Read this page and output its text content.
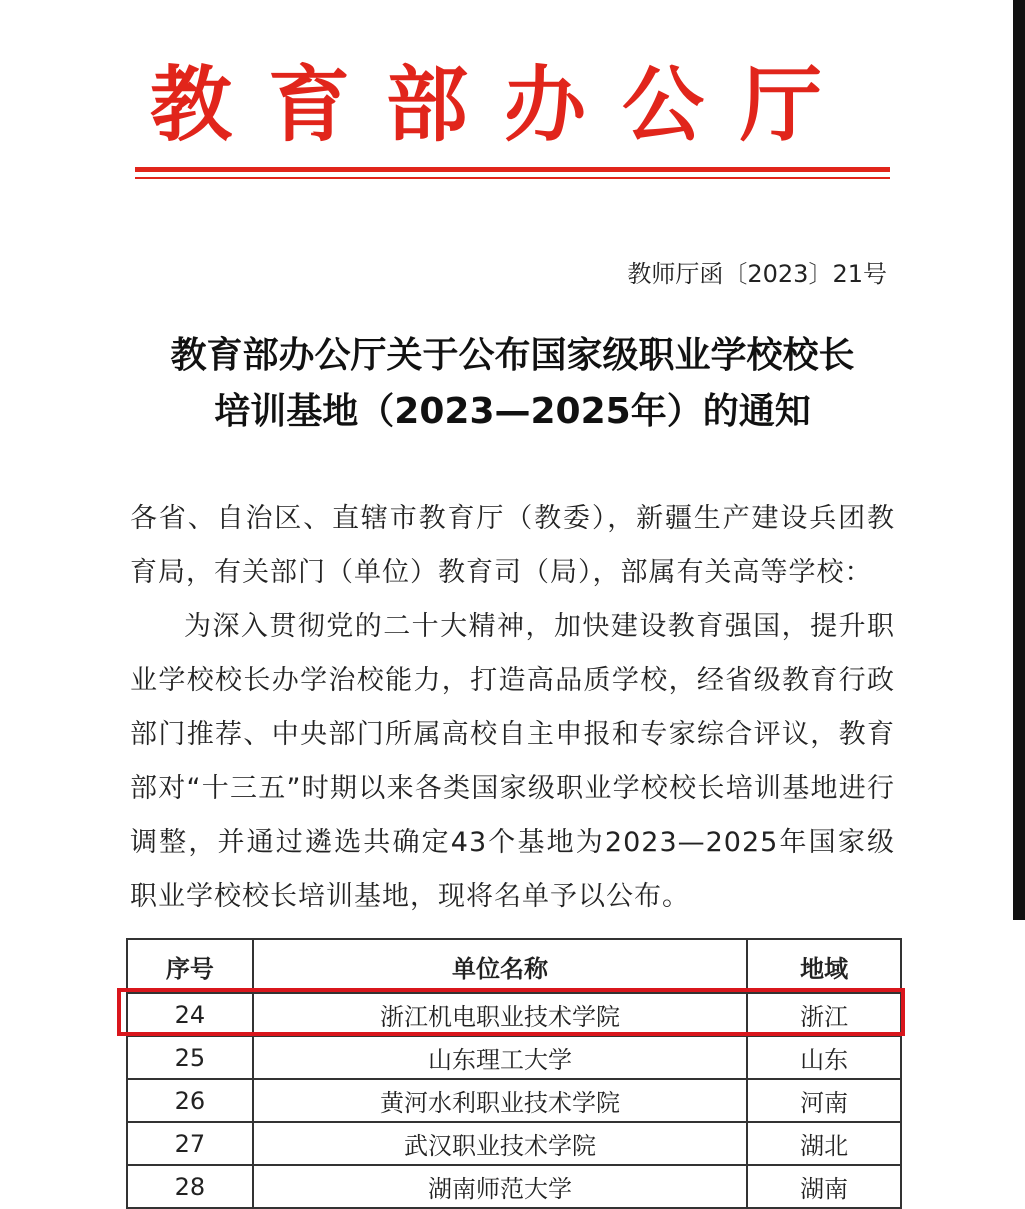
教育部办公厅
教师厅函〔2023〕21号
教育部办公厅关于公布国家级职业学校校长
培训基地（2023—2025年）的通知
各省、自治区、直辖市教育厅（教委），新疆生产建设兵团教育局，有关部门（单位）教育司（局），部属有关高等学校：
为深入贯彻党的二十大精神，加快建设教育强国，提升职业学校校长办学治校能力，打造高品质学校，经省级教育行政部门推荐、中央部门所属高校自主申报和专家综合评议，教育部对“十三五”时期以来各类国家级职业学校校长培训基地进行调整，并通过遴选共确定43个基地为2023—2025年国家级职业学校校长培训基地，现将名单予以公布。
序号	单位名称	地域
24	浙江机电职业技术学院	浙江
25	山东理工大学	山东
26	黄河水利职业技术学院	河南
27	武汉职业技术学院	湖北
28	湖南师范大学	湖南
